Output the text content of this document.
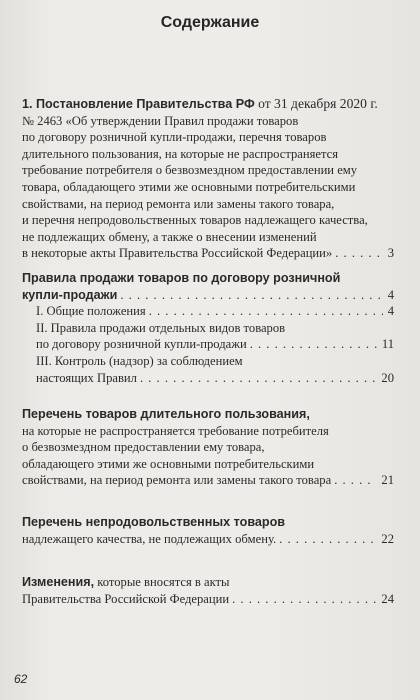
Содержание
1. Постановление Правительства РФ от 31 декабря 2020 г.
№ 2463 «Об утверждении Правил продажи товаров
по договору розничной купли-продажи, перечня товаров
длительного пользования, на которые не распространяется
требование потребителя о безвозмездном предоставлении ему
товара, обладающего этими же основными потребительскими
свойствами, на период ремонта или замены такого товара,
и перечня непродовольственных товаров надлежащего качества,
не подлежащих обмену, а также о внесении изменений
в некоторые акты Правительства Российской Федерации» . . .	3
Правила продажи товаров по договору розничной
купли-продажи . . .	4
I. Общие положения . . .	4
II. Правила продажи отдельных видов товаров
по договору розничной купли-продажи . . .	11
III. Контроль (надзор) за соблюдением
настоящих Правил . . .	20
Перечень товаров длительного пользования,
на которые не распространяется требование потребителя
о безвозмездном предоставлении ему товара,
обладающего этими же основными потребительскими
свойствами, на период ремонта или замены такого товара . . .	21
Перечень непродовольственных товаров
надлежащего качества, не подлежащих обмену. . . .	22
Изменения, которые вносятся в акты
Правительства Российской Федерации . . .	24
62
